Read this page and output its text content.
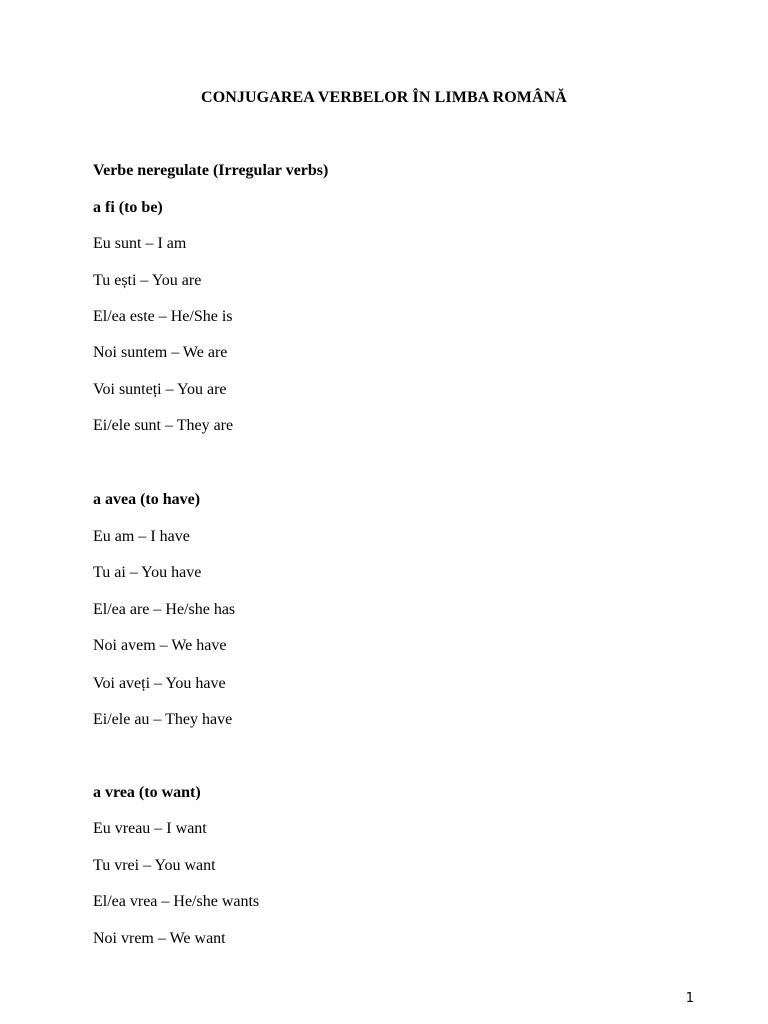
CONJUGAREA VERBELOR ÎN LIMBA ROMÂNĂ
Verbe neregulate (Irregular verbs)
a fi (to be)
Eu sunt – I am
Tu ești – You are
El/ea este – He/She is
Noi suntem – We are
Voi sunteți – You are
Ei/ele sunt – They are
a avea (to have)
Eu am – I have
Tu ai – You have
El/ea are – He/she has
Noi avem – We have
Voi aveți – You have
Ei/ele au – They have
a vrea (to want)
Eu vreau – I want
Tu vrei – You want
El/ea vrea – He/she wants
Noi vrem – We want
1
